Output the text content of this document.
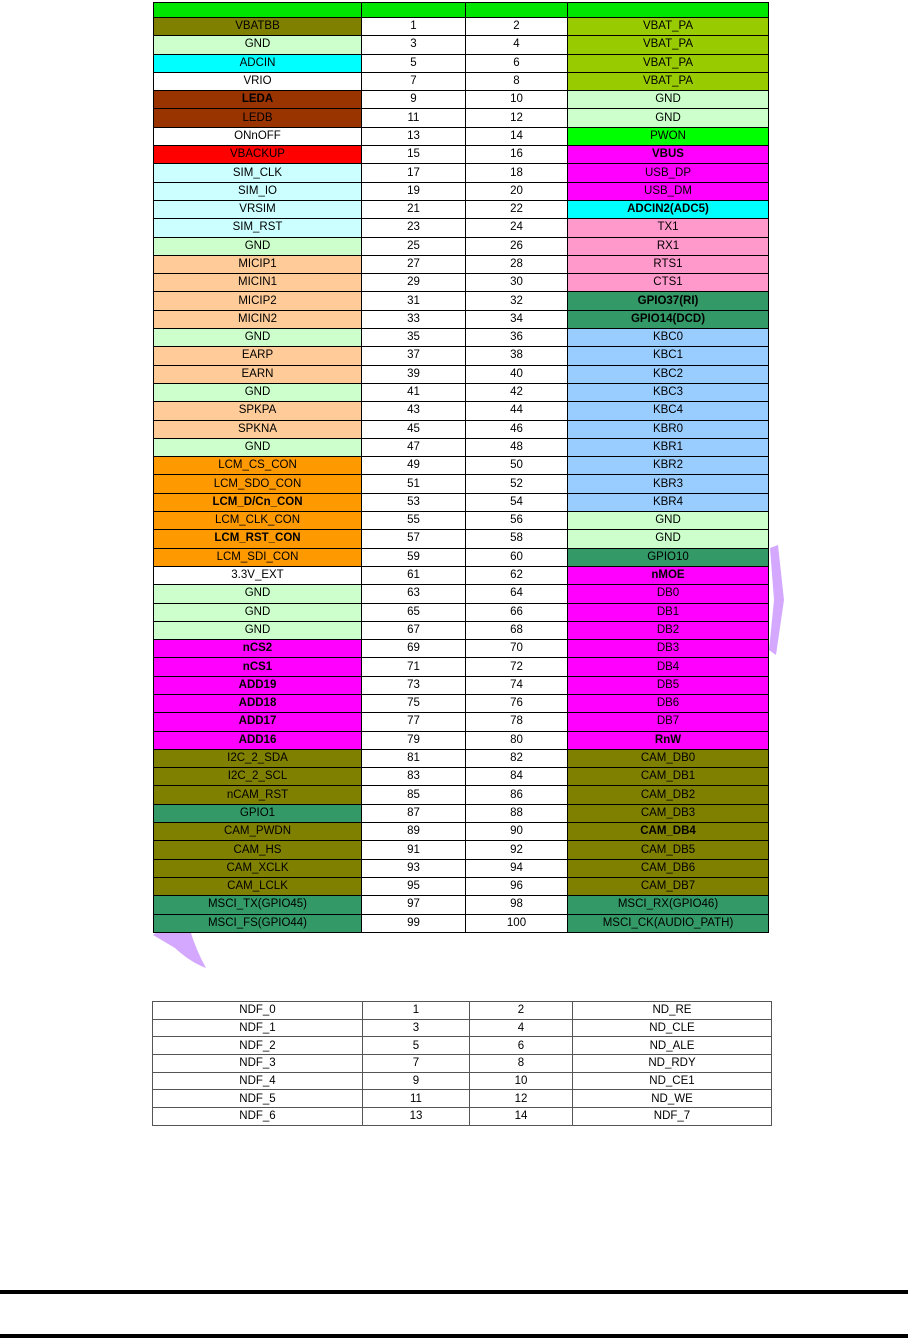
VBATBB	1	2	VBAT_PA
GND	3	4	VBAT_PA
ADCIN	5	6	VBAT_PA
VRIO	7	8	VBAT_PA
LEDA	9	10	GND
LEDB	11	12	GND
ONnOFF	13	14	PWON
VBACKUP	15	16	VBUS
SIM_CLK	17	18	USB_DP
SIM_IO	19	20	USB_DM
VRSIM	21	22	ADCIN2(ADC5)
SIM_RST	23	24	TX1
GND	25	26	RX1
MICIP1	27	28	RTS1
MICIN1	29	30	CTS1
MICIP2	31	32	GPIO37(RI)
MICIN2	33	34	GPIO14(DCD)
GND	35	36	KBC0
EARP	37	38	KBC1
EARN	39	40	KBC2
GND	41	42	KBC3
SPKPA	43	44	KBC4
SPKNA	45	46	KBR0
GND	47	48	KBR1
LCM_CS_CON	49	50	KBR2
LCM_SDO_CON	51	52	KBR3
LCM_D/Cn_CON	53	54	KBR4
LCM_CLK_CON	55	56	GND
LCM_RST_CON	57	58	GND
LCM_SDI_CON	59	60	GPIO10
3.3V_EXT	61	62	nMOE
GND	63	64	DB0
GND	65	66	DB1
GND	67	68	DB2
nCS2	69	70	DB3
nCS1	71	72	DB4
ADD19	73	74	DB5
ADD18	75	76	DB6
ADD17	77	78	DB7
ADD16	79	80	RnW
I2C_2_SDA	81	82	CAM_DB0
I2C_2_SCL	83	84	CAM_DB1
nCAM_RST	85	86	CAM_DB2
GPIO1	87	88	CAM_DB3
CAM_PWDN	89	90	CAM_DB4
CAM_HS	91	92	CAM_DB5
CAM_XCLK	93	94	CAM_DB6
CAM_LCLK	95	96	CAM_DB7
MSCI_TX(GPIO45)	97	98	MSCI_RX(GPIO46)
MSCI_FS(GPIO44)	99	100	MSCI_CK(AUDIO_PATH)
NDF_0	1	2	ND_RE
NDF_1	3	4	ND_CLE
NDF_2	5	6	ND_ALE
NDF_3	7	8	ND_RDY
NDF_4	9	10	ND_CE1
NDF_5	11	12	ND_WE
NDF_6	13	14	NDF_7
